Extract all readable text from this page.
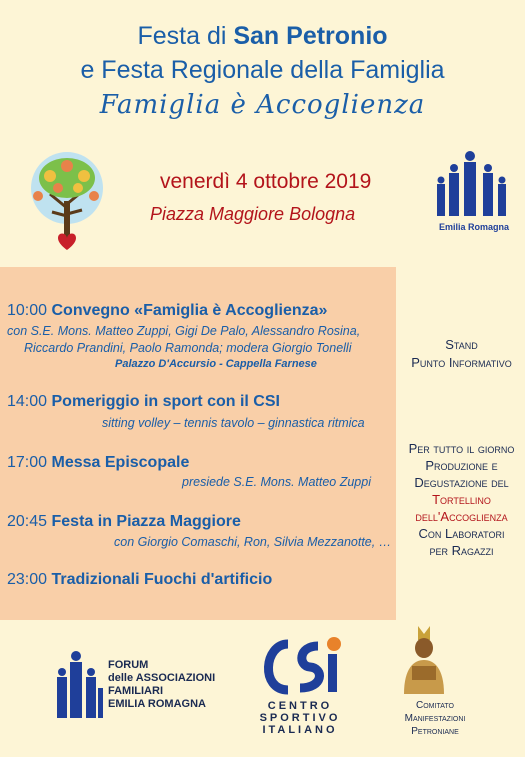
Festa di San Petronio
e Festa Regionale della Famiglia
Famiglia è Accoglienza
venerdì 4 ottobre 2019
Piazza Maggiore Bologna
Emilia Romagna
10:00 Convegno «Famiglia è Accoglienza»
con S.E. Mons. Matteo Zuppi, Gigi De Palo, Alessandro Rosina,
Riccardo Prandini, Paolo Ramonda; modera Giorgio Tonelli
Palazzo D'Accursio - Cappella Farnese
14:00 Pomeriggio in sport con il CSI
sitting volley – tennis tavolo – ginnastica ritmica
17:00 Messa Episcopale
presiede S.E. Mons. Matteo Zuppi
20:45 Festa in Piazza Maggiore
con Giorgio Comaschi, Ron, Silvia Mezzanotte, …
23:00 Tradizionali Fuochi d'artificio
Stand
Punto Informativo
Per tutto il giorno
Produzione e
Degustazione del
Tortellino
dell'Accoglienza
Con Laboratori
per Ragazzi
FORUM
delle ASSOCIAZIONI
FAMILIARI
EMILIA ROMAGNA	CENTRO
SPORTIVO
ITALIANO
Comitato
Manifestazioni
Petroniane
